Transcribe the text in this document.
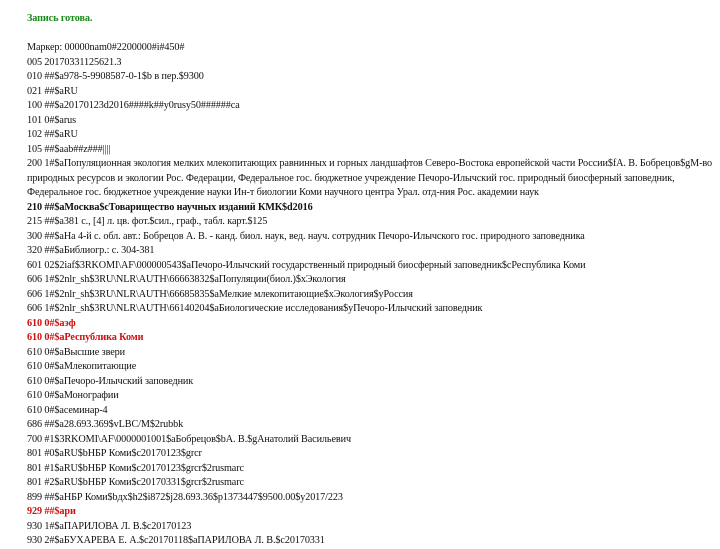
Запись готова.
Маркер: 00000nam0#2200000#i#450#
005 20170331125621.3
010 ##$a978-5-9908587-0-1$b в пер.$9300
021 ##$aRU
100 ##$a20170123d2016####k##y0rusy50######ca
101 0#$arus
102 ##$aRU
105 ##$aab##z###||||
200 1#$aПопуляционная экология мелких млекопитающих равнинных и горных ландшафтов Северо-Востока европейской части России$fА. В. Бобрецов$gМ-во природных ресурсов и экологии Рос. Федерации, Федеральное гос. бюджетное учреждение Печоро-Илычский гос. природный биосферный заповедник, Федеральное гос. бюджетное учреждение науки Ин-т биологии Коми научного центра Урал. отд-ния Рос. академии наук
210 ##$aМосква$cТоварищество научных изданий КМК$d2016
215 ##$a381 с., [4] л. цв. фот.$cил., граф., табл. карт.$125
300 ##$aНа 4-й с. обл. авт.: Бобрецов А. В. - канд. биол. наук, вед. науч. сотрудник Печоро-Илычского гос. природного заповедника
320 ##$aБиблиогр.: с. 304-381
601 02$2iaf$3RKOMI\AF\000000543$aПечоро-Илычский государственный природный биосферный заповедник$cРеспублика Коми
606 1#$2nlr_sh$3RU\NLR\AUTH\66663832$aПопуляции(биол.)$xЭкология
606 1#$2nlr_sh$3RU\NLR\AUTH\66685835$aМелкие млекопитающие$xЭкология$yРоссия
606 1#$2nlr_sh$3RU\NLR\AUTH\66140204$aБиологические исследования$yПечоро-Илычский заповедник
610 0#$аэф
610 0#$aРеспублика Коми
610 0#$aВысшие звери
610 0#$aМлекопитающие
610 0#$aПечоро-Илычский заповедник
610 0#$aМонографии
610 0#$aсеминар-4
686 ##$a28.693.369$vLBC/M$2rubbk
700 #1$3RKOMI\AF\0000001001$aБобрецов$bА. В.$gАнатолий Васильевич
801 #0$aRU$bНБР Коми$c20170123$grcr
801 #1$aRU$bНБР Коми$c20170123$grcr$2rusmarc
801 #2$aRU$bНБР Коми$c20170331$grcr$2rusmarc
899 ##$aНБР Коми$bдх$h2$i872$j28.693.36$p1373447$9500.00$y2017/223
929 ##$ари
930 1#$aПАРИЛОВА Л. В.$c20170123
930 2#$aБУХАРЕВА Е. А.$c20170118$aПАРИЛОВА Л. В.$c20170331
